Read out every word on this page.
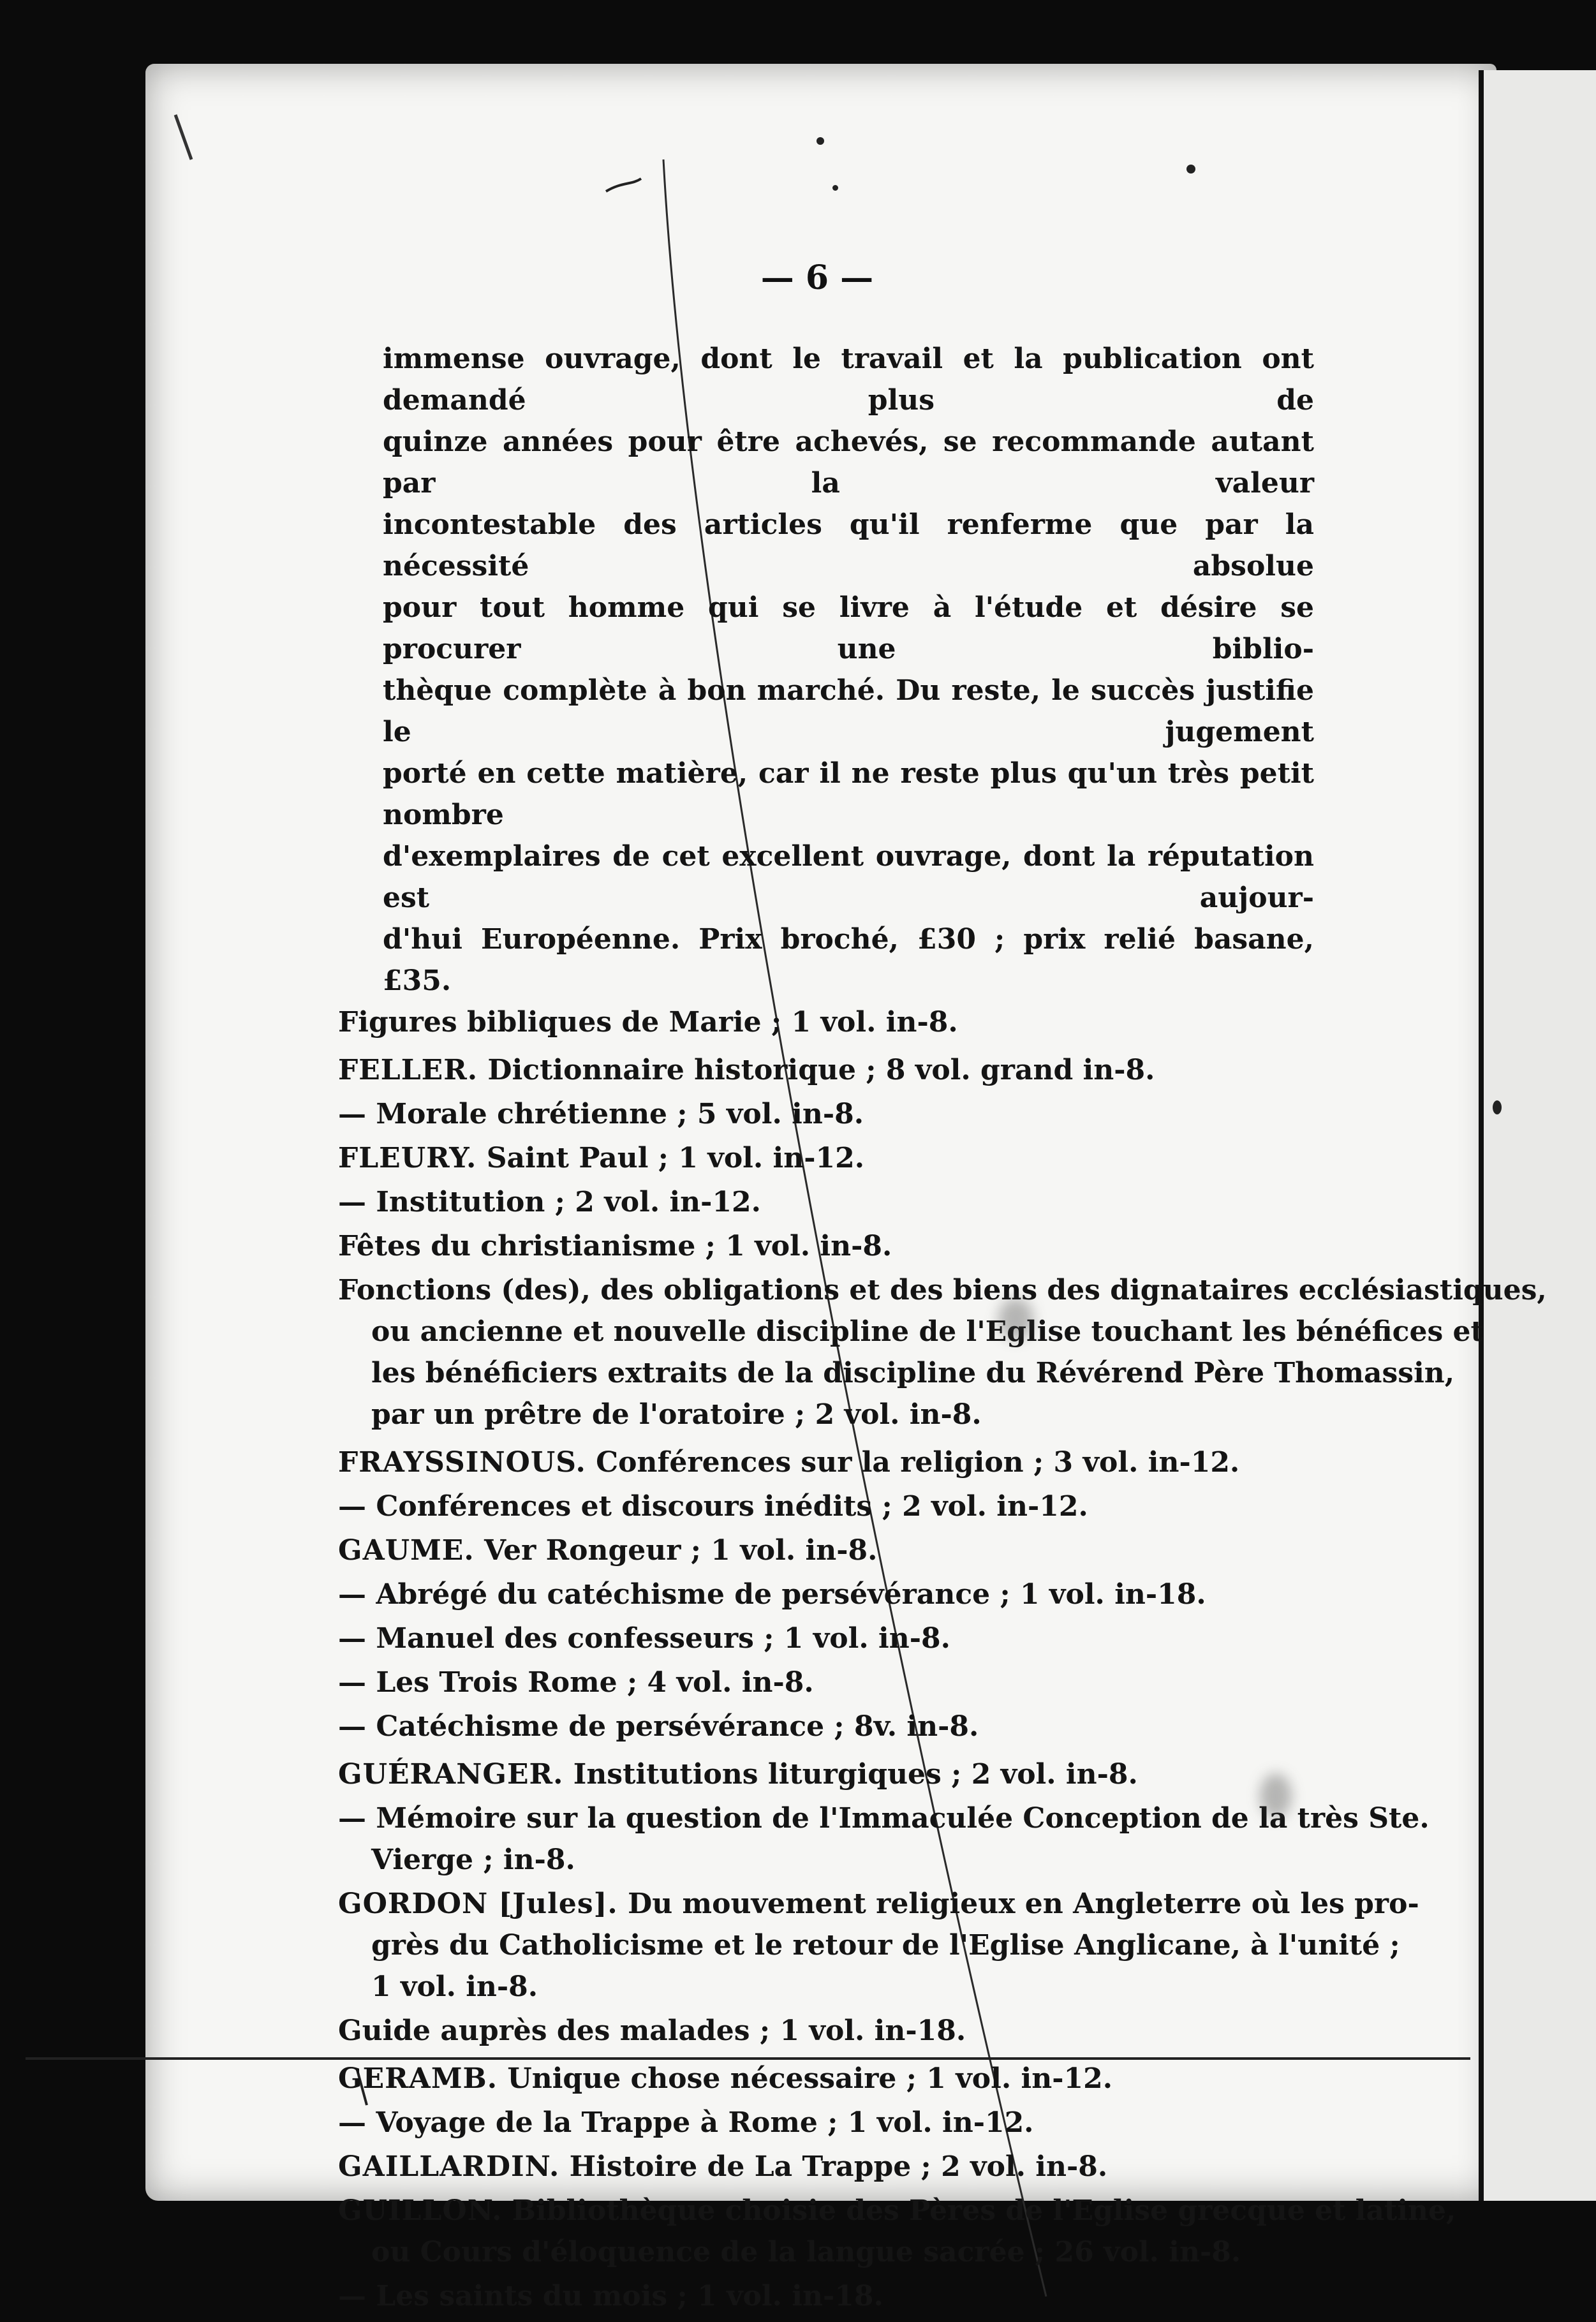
— 6 —
immense ouvrage, dont le travail et la publication ont demandé plus de
quinze années pour être achevés, se recommande autant par la valeur
incontestable des articles qu'il renferme que par la nécessité absolue
pour tout homme qui se livre à l'étude et désire se procurer une biblio-
thèque complète à bon marché. Du reste, le succès justifie le jugement
porté en cette matière, car il ne reste plus qu'un très petit nombre
d'exemplaires de cet excellent ouvrage, dont la réputation est aujour-
d'hui Européenne. Prix broché, £30 ; prix relié basane, £35.
Figures bibliques de Marie ; 1 vol. in-8.
FELLER. Dictionnaire historique ; 8 vol. grand in-8.
— Morale chrétienne ; 5 vol. in-8.
FLEURY. Saint Paul ; 1 vol. in-12.
— Institution ; 2 vol. in-12.
Fêtes du christianisme ; 1 vol. in-8.
Fonctions (des), des obligations et des biens des dignataires ecclésiastiques,
ou ancienne et nouvelle discipline de l'Eglise touchant les bénéfices et
les bénéficiers extraits de la discipline du Révérend Père Thomassin,
par un prêtre de l'oratoire ; 2 vol. in-8.
FRAYSSINOUS. Conférences sur la religion ; 3 vol. in-12.
— Conférences et discours inédits ; 2 vol. in-12.
GAUME. Ver Rongeur ; 1 vol. in-8.
— Abrégé du catéchisme de persévérance ; 1 vol. in-18.
— Manuel des confesseurs ; 1 vol. in-8.
— Les Trois Rome ; 4 vol. in-8.
— Catéchisme de persévérance ; 8v. in-8.
GUÉRANGER. Institutions liturgiques ; 2 vol. in-8.
— Mémoire sur la question de l'Immaculée Conception de la très Ste.
Vierge ; in-8.
GORDON [Jules]. Du mouvement religieux en Angleterre où les pro-
grès du Catholicisme et le retour de l'Eglise Anglicane, à l'unité ;
1 vol. in-8.
Guide auprès des malades ; 1 vol. in-18.
GERAMB. Unique chose nécessaire ; 1 vol. in-12.
— Voyage de la Trappe à Rome ; 1 vol. in-12.
GAILLARDIN. Histoire de La Trappe ; 2 vol. in-8.
GUILLON. Bibliothèque choisie des Pères de l'Eglise grecque et latine,
ou Cours d'éloquence de la langue sacrée ; 26 vol. in-8.
— Les saints du mois ; 1 vol. in-18.
